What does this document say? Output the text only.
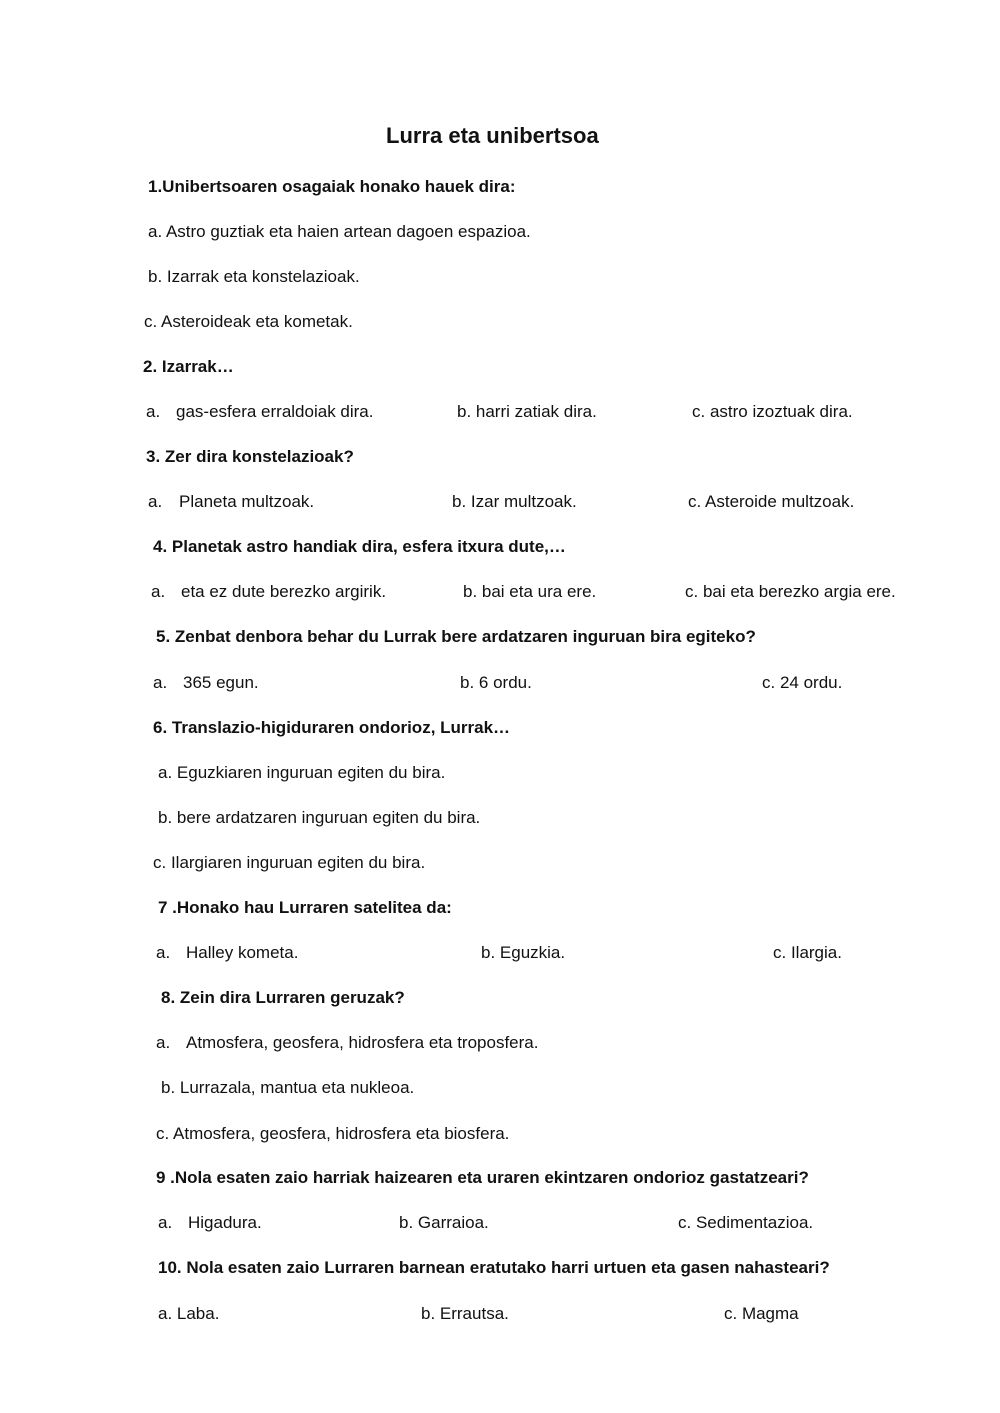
Lurra eta unibertsoa
1.Unibertsoaren osagaiak honako hauek dira:
a. Astro guztiak eta haien artean dagoen espazioa.
b. Izarrak eta konstelazioak.
c. Asteroideak eta kometak.
2. Izarrak…
a. gas-esfera erraldoiak dira.	b. harri zatiak dira.	c. astro izoztuak dira.
3. Zer dira konstelazioak?
a. Planeta multzoak.	b. Izar multzoak.	c. Asteroide multzoak.
4. Planetak astro handiak dira, esfera itxura dute,…
a. eta ez dute berezko argirik.	b. bai eta ura ere.	c. bai eta berezko argia ere.
5. Zenbat denbora behar du Lurrak bere ardatzaren inguruan bira egiteko?
a. 365 egun.	b. 6 ordu.	c. 24 ordu.
6. Translazio-higiduraren ondorioz, Lurrak…
a. Eguzkiaren inguruan egiten du bira.
b. bere ardatzaren inguruan egiten du bira.
c. Ilargiaren inguruan egiten du bira.
7 .Honako hau Lurraren satelitea da:
a. Halley kometa.	b. Eguzkia.	c. Ilargia.
8. Zein dira Lurraren geruzak?
a. Atmosfera, geosfera, hidrosfera eta troposfera.
b. Lurrazala, mantua eta nukleoa.
c. Atmosfera, geosfera, hidrosfera eta biosfera.
9 .Nola esaten zaio harriak haizearen eta uraren ekintzaren ondorioz gastatzeari?
a. Higadura.	b. Garraioa.	c. Sedimentazioa.
10. Nola esaten zaio Lurraren barnean eratutako harri urtuen eta gasen nahasteari?
a. Laba.	b. Errautsa.	c. Magma
